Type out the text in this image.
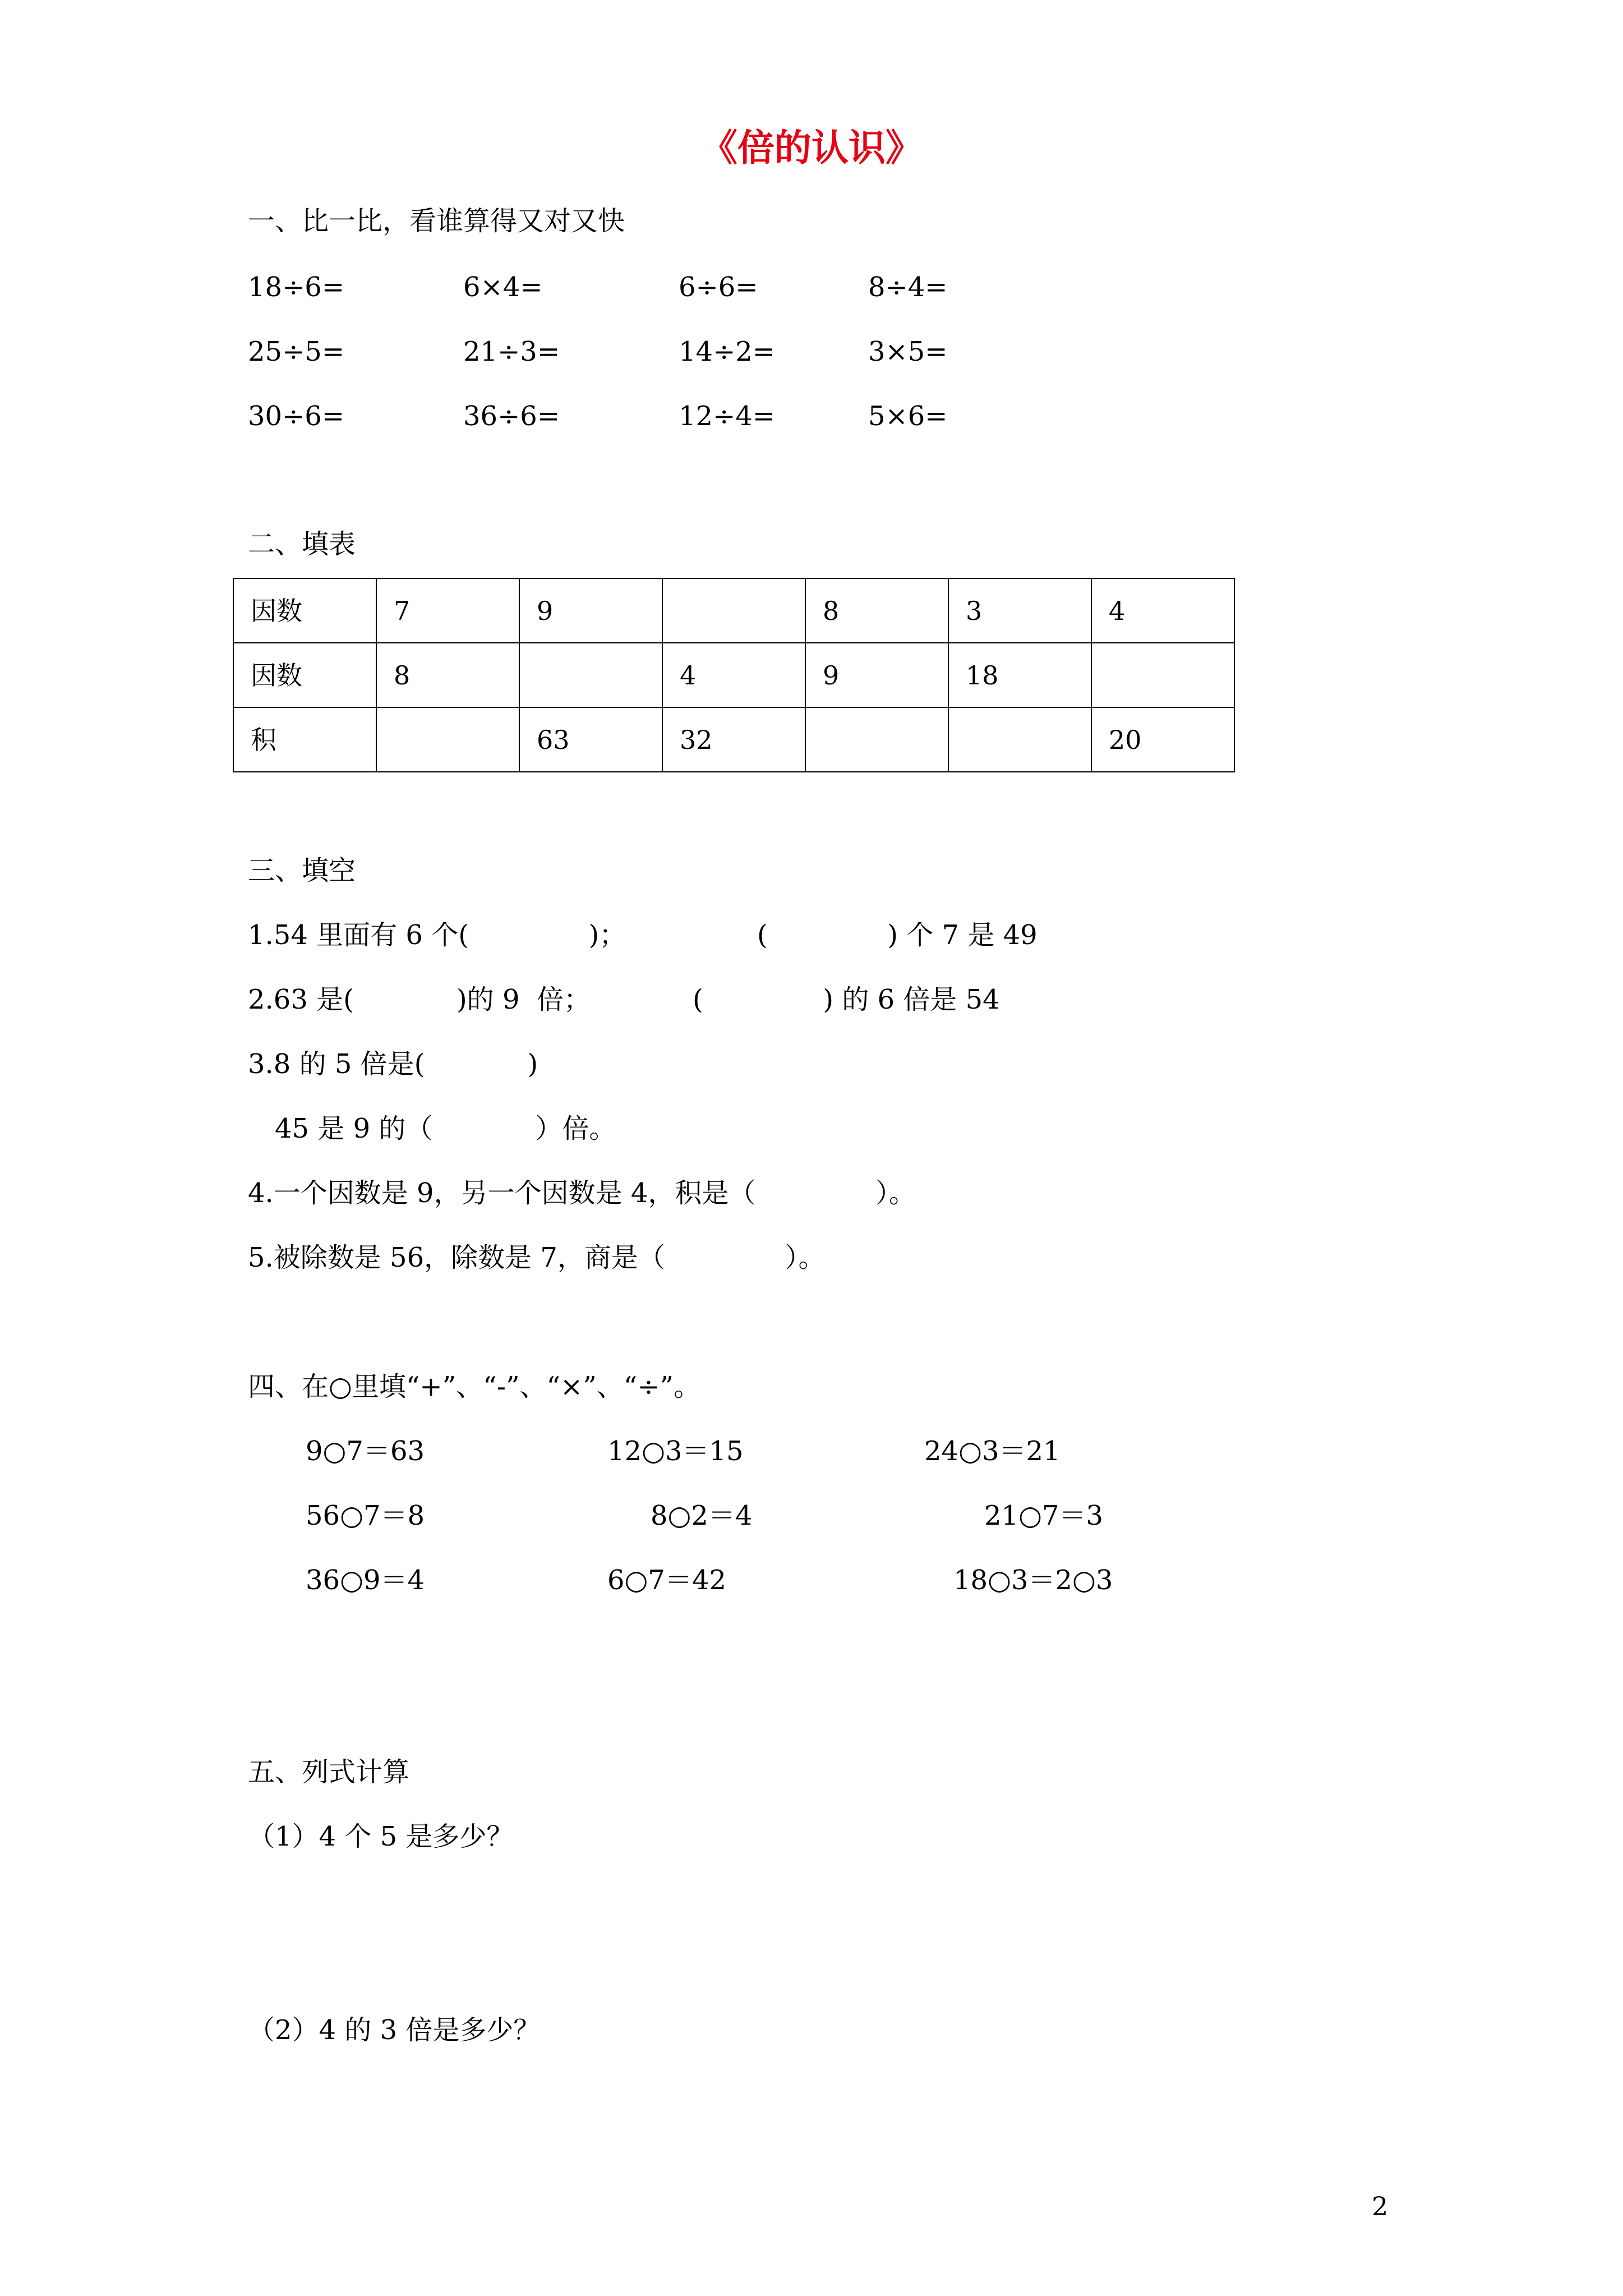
《倍的认识》
一、比一比，看谁算得又对又快
18÷6=	6×4=	6÷6=	8÷4=
25÷5=	21÷3=	14÷2=	3×5=
30÷6=	36÷6=	12÷4=	5×6=
二、填表
因数	7	9		8	3	4
因数	8		4	9	18	
积		63	32			20
三、填空
1.54 里面有 6 个(              )；	(              ) 个 7 是 49
2.63 是(            )的 9  倍；	(              ) 的 6 倍是 54
3.8 的 5 倍是(            )
45 是 9 的（            ）倍。
4.一个因数是 9，另一个因数是 4，积是（              ）。
5.被除数是 56，除数是 7，商是（              ）。
四、在○里填“+”、“-”、“×”、“÷”。
9○7＝63	12○3＝15	24○3＝21
56○7＝8	8○2＝4	21○7＝3
36○9＝4	6○7＝42	18○3＝2○3
五、列式计算
（1）4 个 5 是多少？
（2）4 的 3 倍是多少？
2
